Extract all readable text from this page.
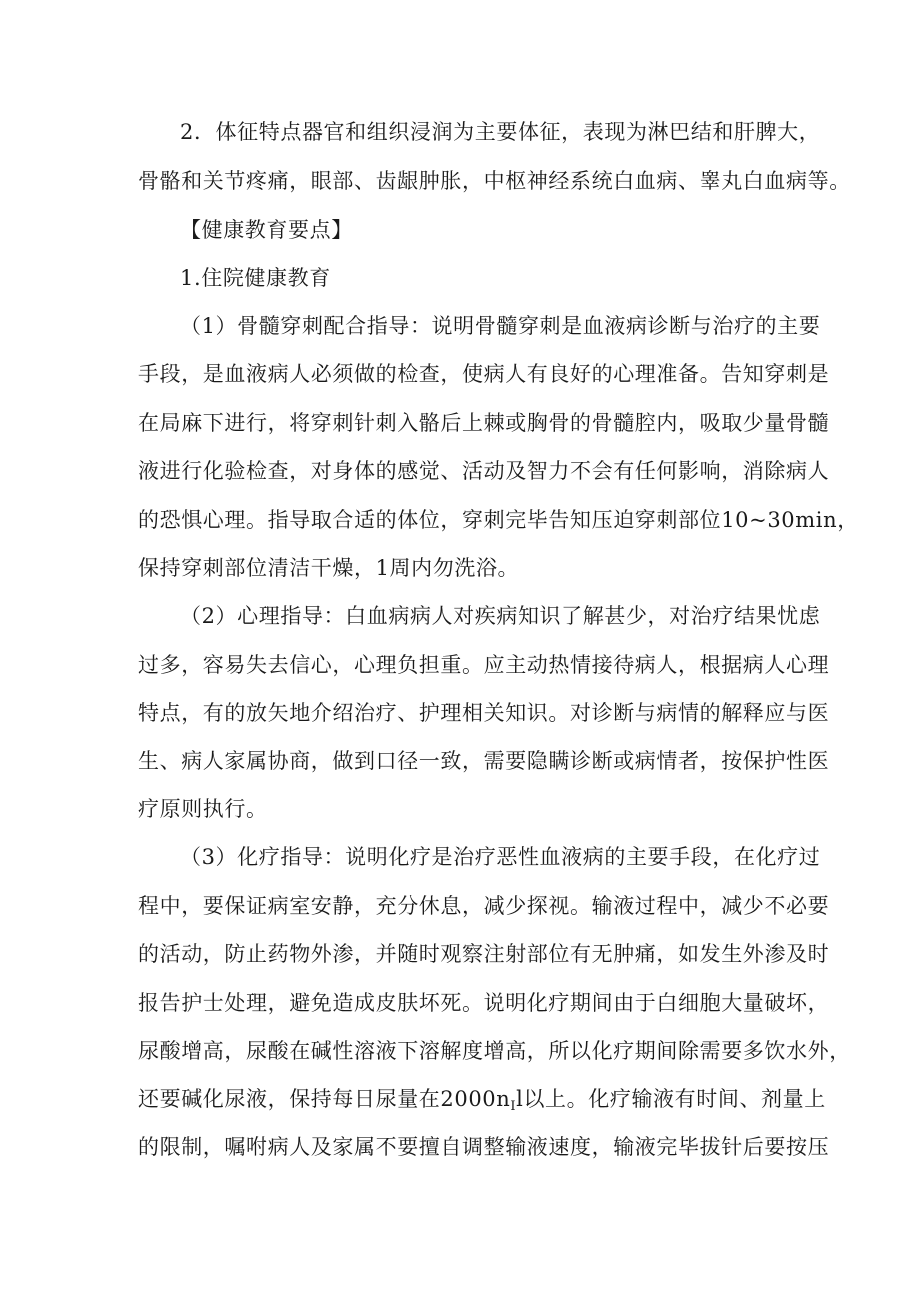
2．体征特点器官和组织浸润为主要体征，表现为淋巴结和肝脾大，
骨骼和关节疼痛，眼部、齿龈肿胀，中枢神经系统白血病、睾丸白血病等。
【健康教育要点】
1.住院健康教育
（1）骨髓穿刺配合指导：说明骨髓穿刺是血液病诊断与治疗的主要
手段，是血液病人必须做的检查，使病人有良好的心理准备。告知穿刺是
在局麻下进行，将穿刺针刺入骼后上棘或胸骨的骨髓腔内，吸取少量骨髓
液进行化验检查，对身体的感觉、活动及智力不会有任何影响，消除病人
的恐惧心理。指导取合适的体位，穿刺完毕告知压迫穿刺部位10~30min，
保持穿刺部位清洁干燥，1周内勿洗浴。
（2）心理指导：白血病病人对疾病知识了解甚少，对治疗结果忧虑
过多，容易失去信心，心理负担重。应主动热情接待病人，根据病人心理
特点，有的放矢地介绍治疗、护理相关知识。对诊断与病情的解释应与医
生、病人家属协商，做到口径一致，需要隐瞒诊断或病情者，按保护性医
疗原则执行。
（3）化疗指导：说明化疗是治疗恶性血液病的主要手段，在化疗过
程中，要保证病室安静，充分休息，减少探视。输液过程中，减少不必要
的活动，防止药物外渗，并随时观察注射部位有无肿痛，如发生外渗及时
报告护士处理，避免造成皮肤坏死。说明化疗期间由于白细胞大量破坏，
尿酸增高，尿酸在碱性溶液下溶解度增高，所以化疗期间除需要多饮水外，
还要碱化尿液，保持每日尿量在$2000n_Il$以上。化疗输液有时间、剂量上
的限制，嘱咐病人及家属不要擅自调整输液速度，输液完毕拔针后要按压
